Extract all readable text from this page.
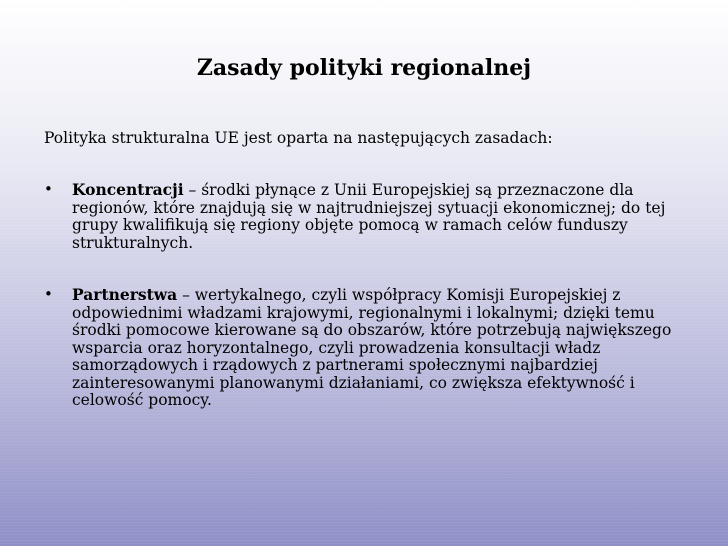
Zasady polityki regionalnej

Polityka strukturalna UE jest oparta na następujących zasadach:

• Koncentracji – środki płynące z Unii Europejskiej są przeznaczone dla regionów, które znajdują się w najtrudniejszej sytuacji ekonomicznej; do tej grupy kwalifikują się regiony objęte pomocą w ramach celów funduszy strukturalnych.
• Partnerstwa – wertykalnego, czyli współpracy Komisji Europejskiej z odpowiednimi władzami krajowymi, regionalnymi i lokalnymi; dzięki temu środki pomocowe kierowane są do obszarów, które potrzebują największego wsparcia oraz horyzontalnego, czyli prowadzenia konsultacji władz samorządowych i rządowych z partnerami społecznymi najbardziej zainteresowanymi planowanymi działaniami, co zwiększa efektywność i celowość pomocy.
